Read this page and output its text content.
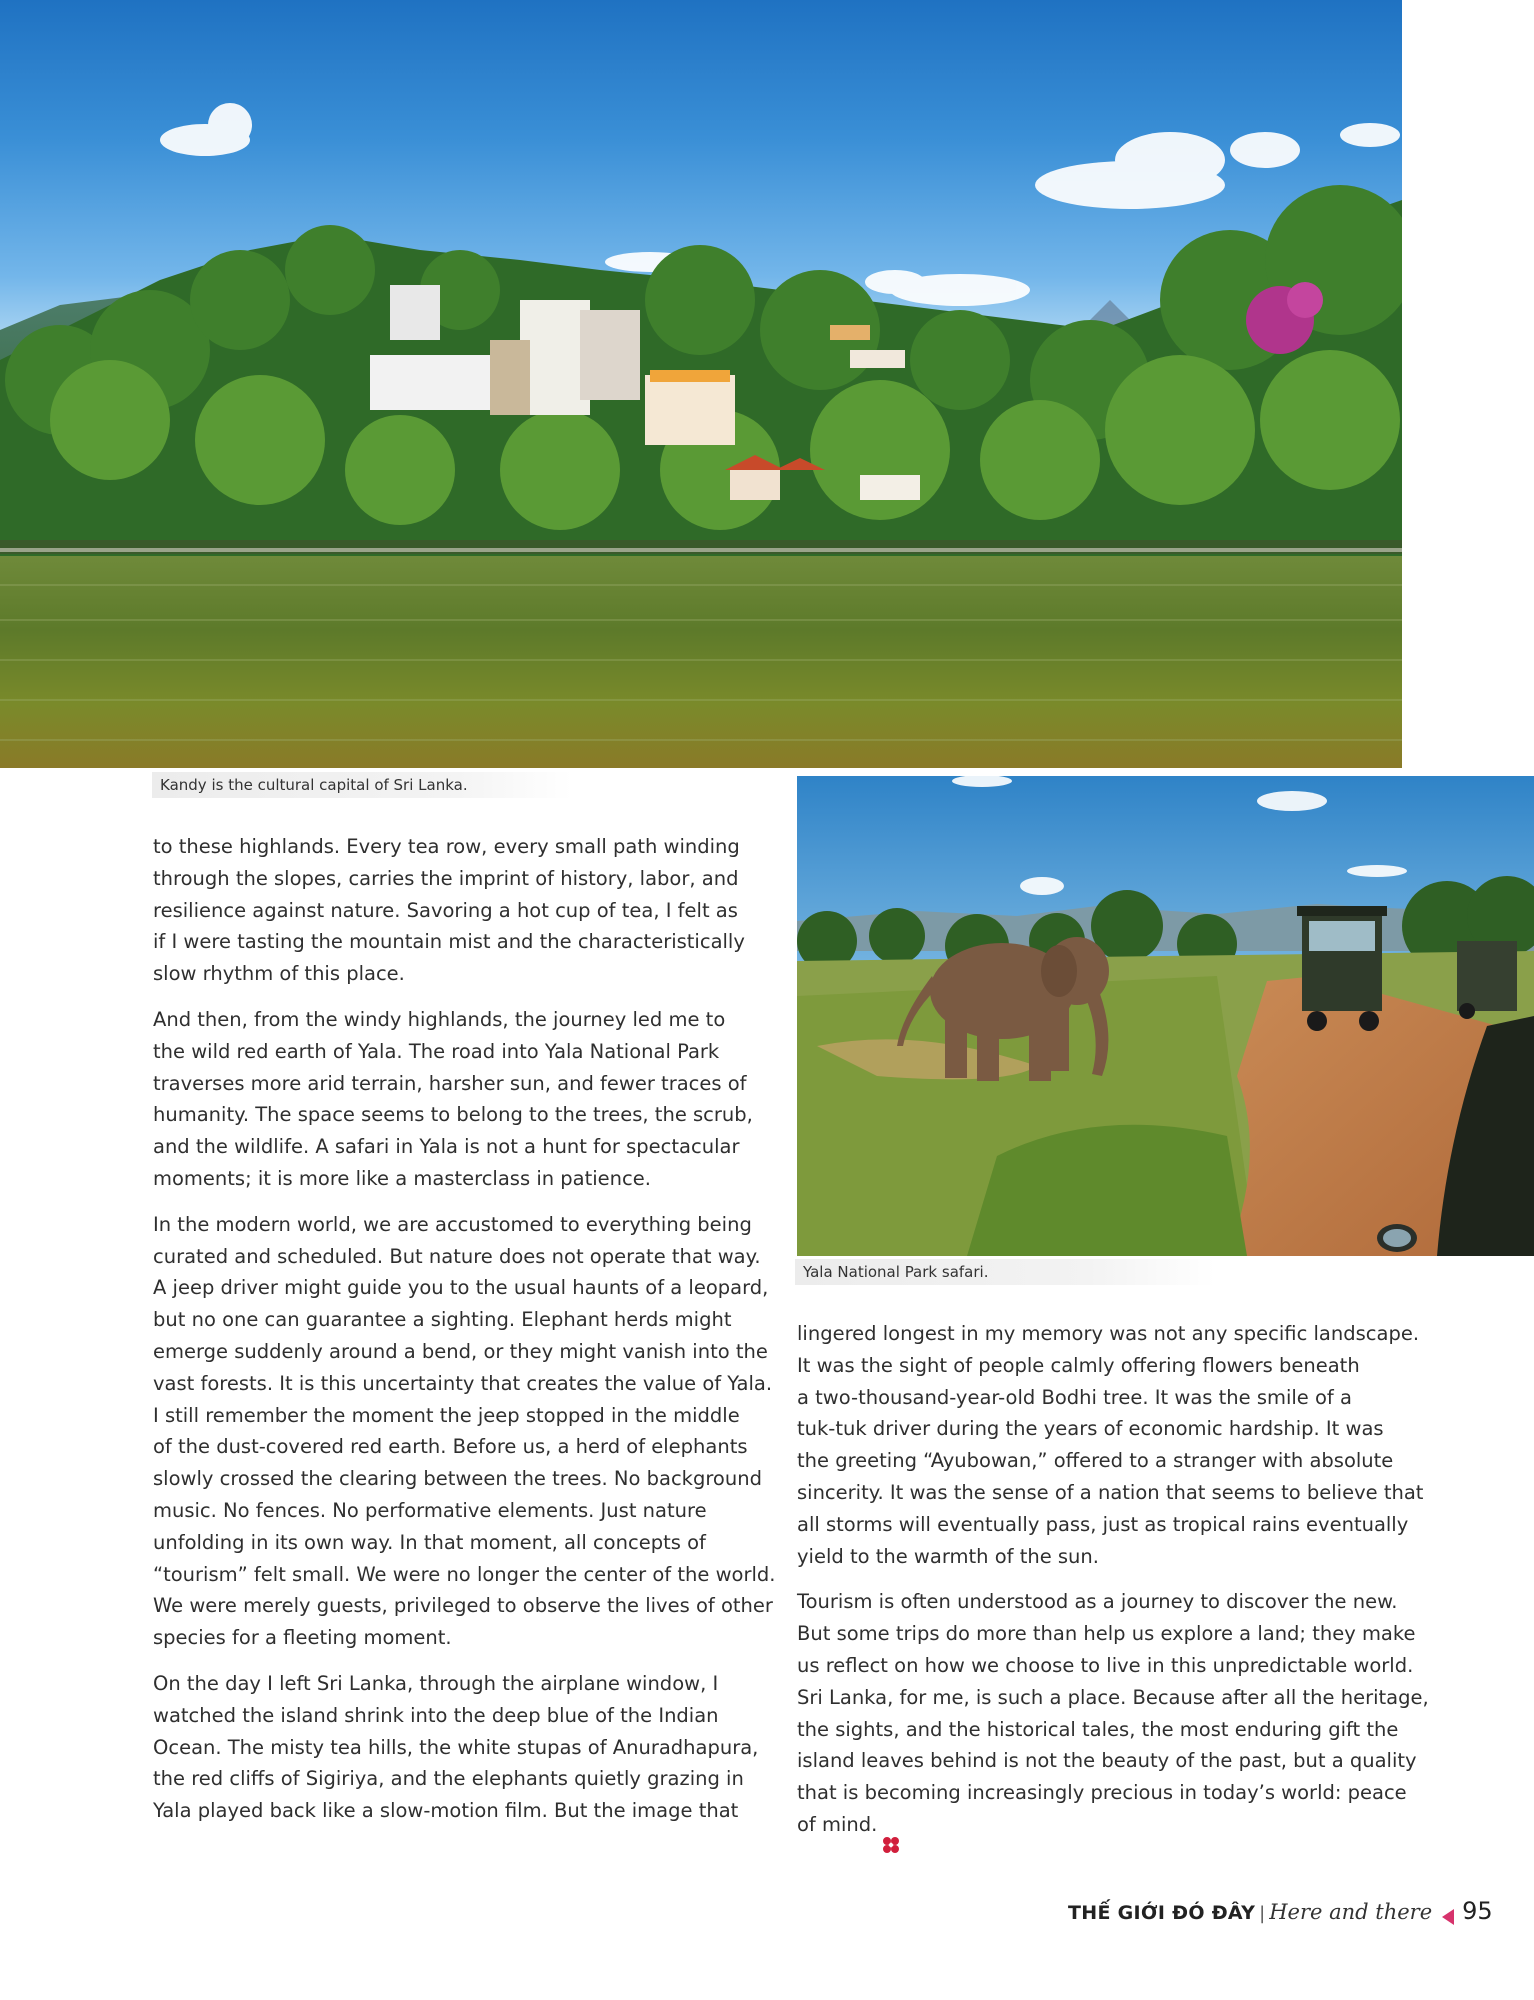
Kandy is the cultural capital of Sri Lanka.
Yala National Park safari.

to these highlands. Every tea row, every small path winding
through the slopes, carries the imprint of history, labor, and
resilience against nature. Savoring a hot cup of tea, I felt as
if I were tasting the mountain mist and the characteristically
slow rhythm of this place.

And then, from the windy highlands, the journey led me to
the wild red earth of Yala. The road into Yala National Park
traverses more arid terrain, harsher sun, and fewer traces of
humanity. The space seems to belong to the trees, the scrub,
and the wildlife. A safari in Yala is not a hunt for spectacular
moments; it is more like a masterclass in patience.

In the modern world, we are accustomed to everything being
curated and scheduled. But nature does not operate that way.
A jeep driver might guide you to the usual haunts of a leopard,
but no one can guarantee a sighting. Elephant herds might
emerge suddenly around a bend, or they might vanish into the
vast forests. It is this uncertainty that creates the value of Yala.
I still remember the moment the jeep stopped in the middle
of the dust-covered red earth. Before us, a herd of elephants
slowly crossed the clearing between the trees. No background
music. No fences. No performative elements. Just nature
unfolding in its own way. In that moment, all concepts of
“tourism” felt small. We were no longer the center of the world.
We were merely guests, privileged to observe the lives of other
species for a fleeting moment.

On the day I left Sri Lanka, through the airplane window, I
watched the island shrink into the deep blue of the Indian
Ocean. The misty tea hills, the white stupas of Anuradhapura,
the red cliffs of Sigiriya, and the elephants quietly grazing in
Yala played back like a slow-motion film. But the image that

lingered longest in my memory was not any specific landscape.
It was the sight of people calmly offering flowers beneath
a two-thousand-year-old Bodhi tree. It was the smile of a
tuk-tuk driver during the years of economic hardship. It was
the greeting “Ayubowan,” offered to a stranger with absolute
sincerity. It was the sense of a nation that seems to believe that
all storms will eventually pass, just as tropical rains eventually
yield to the warmth of the sun.

Tourism is often understood as a journey to discover the new.
But some trips do more than help us explore a land; they make
us reflect on how we choose to live in this unpredictable world.
Sri Lanka, for me, is such a place. Because after all the heritage,
the sights, and the historical tales, the most enduring gift the
island leaves behind is not the beauty of the past, but a quality
that is becoming increasingly precious in today’s world: peace
of mind.

THẾ GIỚI ĐÓ ĐÂY | Here and there 95
